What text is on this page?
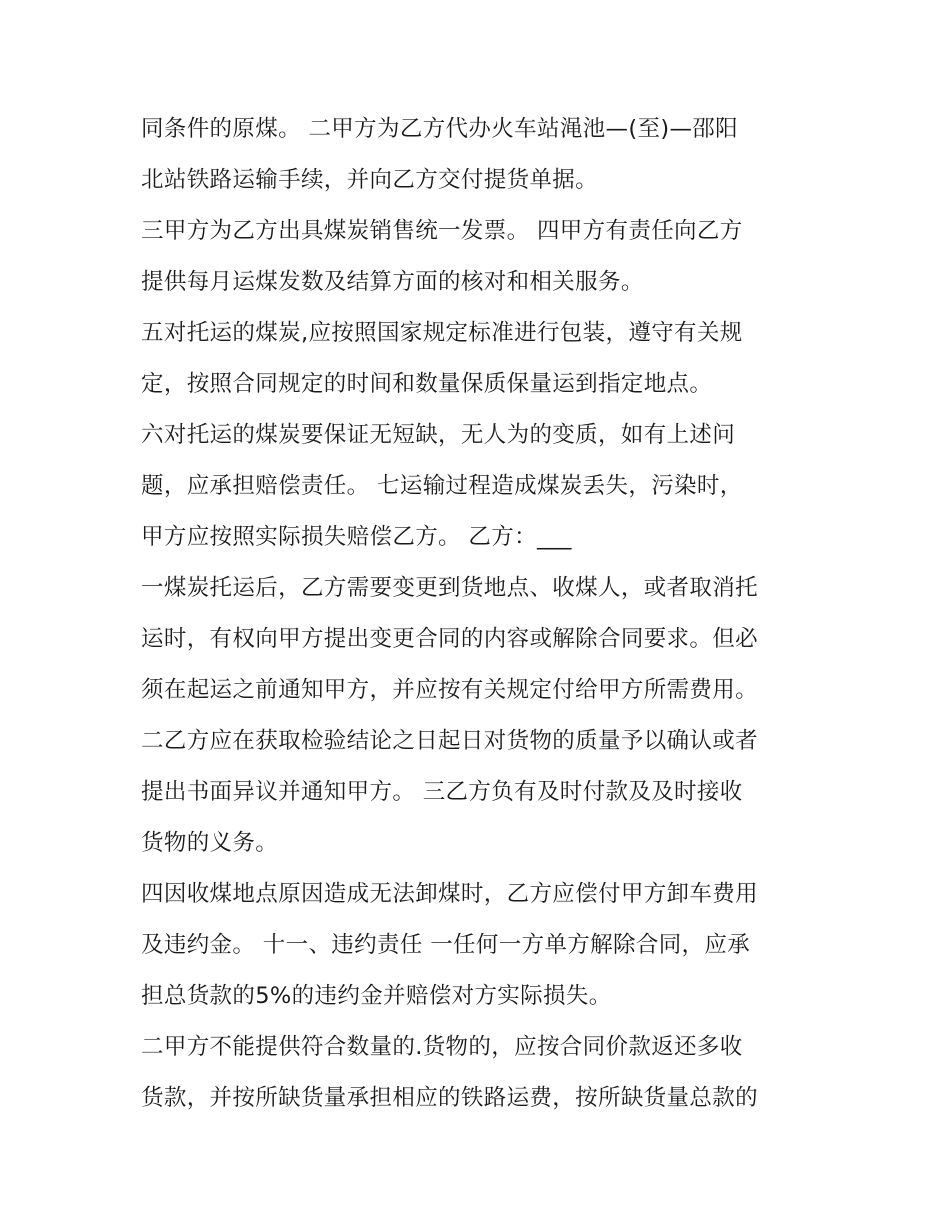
同条件的原煤。 二甲方为乙方代办火车站渑池—(至)—邵阳
北站铁路运输手续，并向乙方交付提货单据。
三甲方为乙方出具煤炭销售统一发票。 四甲方有责任向乙方
提供每月运煤发数及结算方面的核对和相关服务。
五对托运的煤炭,应按照国家规定标准进行包装，遵守有关规
定，按照合同规定的时间和数量保质保量运到指定地点。
六对托运的煤炭要保证无短缺，无人为的变质，如有上述问
题，应承担赔偿责任。 七运输过程造成煤炭丢失，污染时，
甲方应按照实际损失赔偿乙方。 乙方：___
一煤炭托运后，乙方需要变更到货地点、收煤人，或者取消托
运时，有权向甲方提出变更合同的内容或解除合同要求。但必
须在起运之前通知甲方，并应按有关规定付给甲方所需费用。
二乙方应在获取检验结论之日起日对货物的质量予以确认或者
提出书面异议并通知甲方。 三乙方负有及时付款及及时接收
货物的义务。
四因收煤地点原因造成无法卸煤时，乙方应偿付甲方卸车费用
及违约金。 十一、违约责任 一任何一方单方解除合同，应承
担总货款的5%的违约金并赔偿对方实际损失。
二甲方不能提供符合数量的.货物的，应按合同价款返还多收
货款，并按所缺货量承担相应的铁路运费，按所缺货量总款的
